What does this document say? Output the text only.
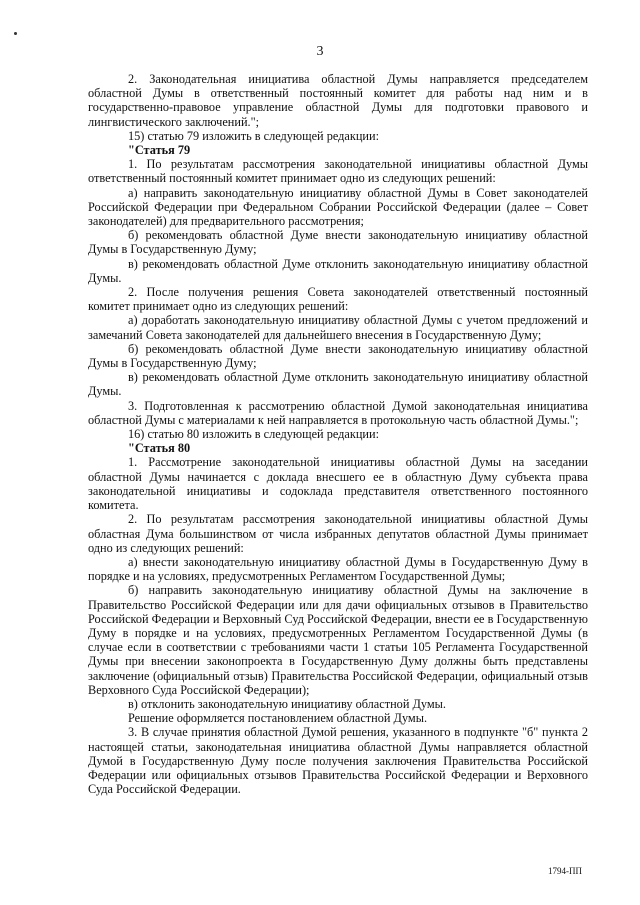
3

2. Законодательная инициатива областной Думы направляется председателем областной Думы в ответственный постоянный комитет для работы над ним и в государственно-правовое управление областной Думы для подготовки правового и лингвистического заключений.";

15) статью 79 изложить в следующей редакции:

"Статья 79

1. По результатам рассмотрения законодательной инициативы областной Думы ответственный постоянный комитет принимает одно из следующих решений:

а) направить законодательную инициативу областной Думы в Совет законодателей Российской Федерации при Федеральном Собрании Российской Федерации (далее – Совет законодателей) для предварительного рассмотрения;

б) рекомендовать областной Думе внести законодательную инициативу областной Думы в Государственную Думу;

в) рекомендовать областной Думе отклонить законодательную инициативу областной Думы.

2. После получения решения Совета законодателей ответственный постоянный комитет принимает одно из следующих решений:

а) доработать законодательную инициативу областной Думы с учетом предложений и замечаний Совета законодателей для дальнейшего внесения в Государственную Думу;

б) рекомендовать областной Думе внести законодательную инициативу областной Думы в Государственную Думу;

в) рекомендовать областной Думе отклонить законодательную инициативу областной Думы.

3. Подготовленная к рассмотрению областной Думой законодательная инициатива областной Думы с материалами к ней направляется в протокольную часть областной Думы.";

16) статью 80 изложить в следующей редакции:

"Статья 80

1. Рассмотрение законодательной инициативы областной Думы на заседании областной Думы начинается с доклада внесшего ее в областную Думу субъекта права законодательной инициативы и содоклада представителя ответственного постоянного комитета.

2. По результатам рассмотрения законодательной инициативы областной Думы областная Дума большинством от числа избранных депутатов областной Думы принимает одно из следующих решений:

а) внести законодательную инициативу областной Думы в Государственную Думу в порядке и на условиях, предусмотренных Регламентом Государственной Думы;

б) направить законодательную инициативу областной Думы на заключение в Правительство Российской Федерации или для дачи официальных отзывов в Правительство Российской Федерации и Верховный Суд Российской Федерации, внести ее в Государственную Думу в порядке и на условиях, предусмотренных Регламентом Государственной Думы (в случае если в соответствии с требованиями части 1 статьи 105 Регламента Государственной Думы при внесении законопроекта в Государственную Думу должны быть представлены заключение (официальный отзыв) Правительства Российской Федерации, официальный отзыв Верховного Суда Российской Федерации);

в) отклонить законодательную инициативу областной Думы.

Решение оформляется постановлением областной Думы.

3. В случае принятия областной Думой решения, указанного в подпункте "б" пункта 2 настоящей статьи, законодательная инициатива областной Думы направляется областной Думой в Государственную Думу после получения заключения Правительства Российской Федерации или официальных отзывов Правительства Российской Федерации и Верховного Суда Российской Федерации.

1794-ПП
